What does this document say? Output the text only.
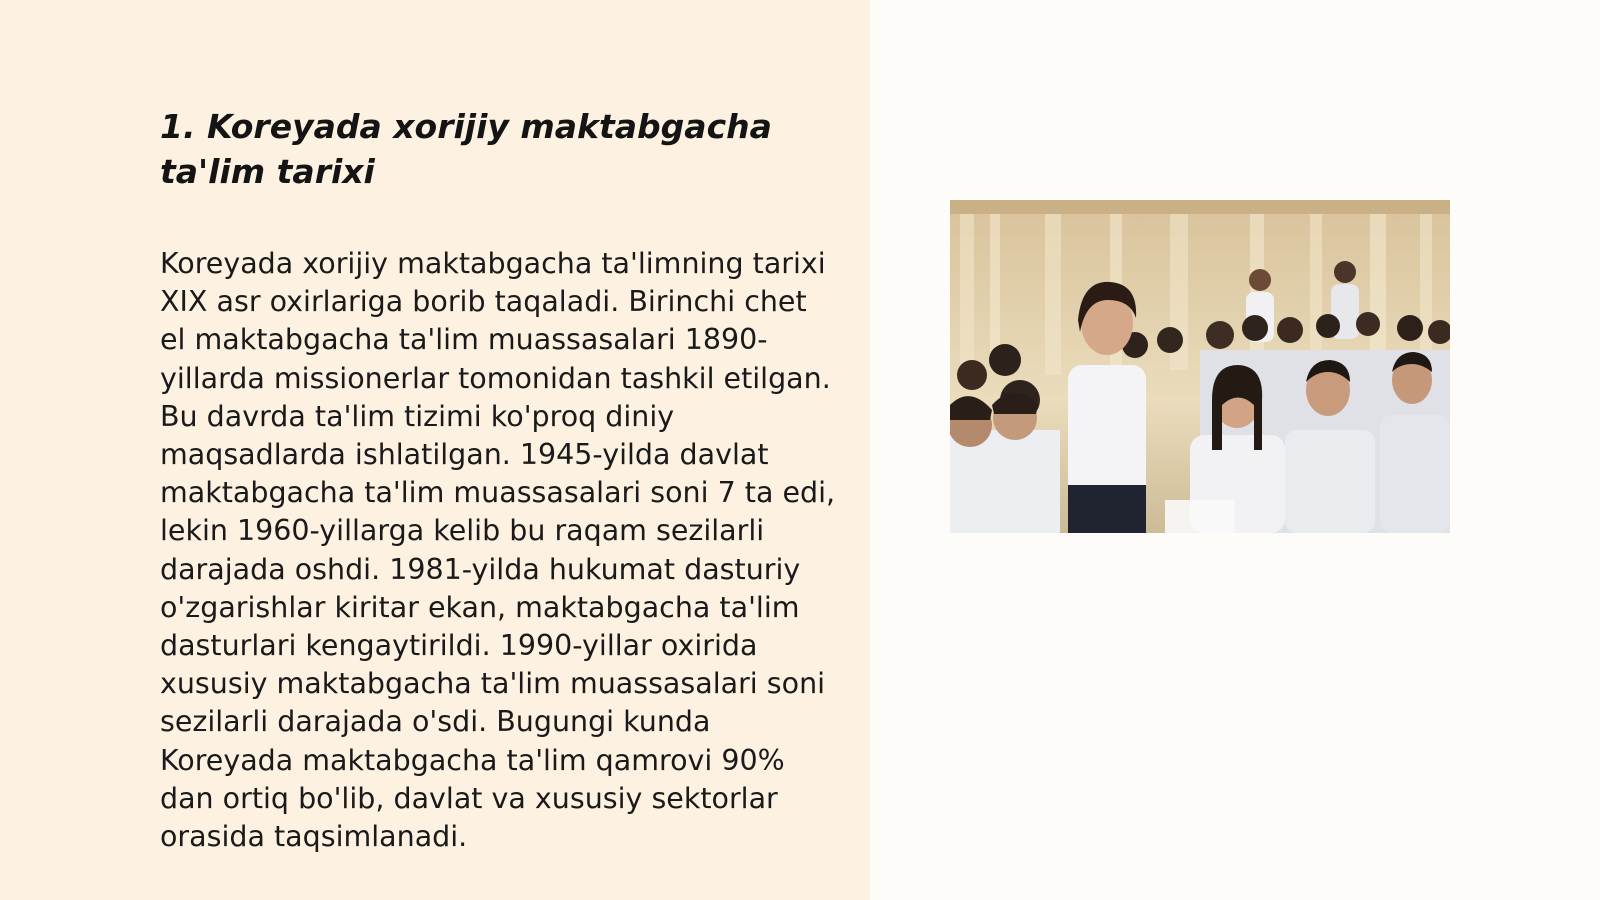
1. Koreyada xorijiy maktabgacha ta'lim tarixi

Koreyada xorijiy maktabgacha ta'limning tarixi XIX asr oxirlariga borib taqaladi. Birinchi chet el maktabgacha ta'lim muassasalari 1890-yillarda missionerlar tomonidan tashkil etilgan. Bu davrda ta'lim tizimi ko'proq diniy maqsadlarda ishlatilgan. 1945-yilda davlat maktabgacha ta'lim muassasalari soni 7 ta edi, lekin 1960-yillarga kelib bu raqam sezilarli darajada oshdi. 1981-yilda hukumat dasturiy o'zgarishlar kiritar ekan, maktabgacha ta'lim dasturlari kengaytirildi. 1990-yillar oxirida xususiy maktabgacha ta'lim muassasalari soni sezilarli darajada o'sdi. Bugungi kunda Koreyada maktabgacha ta'lim qamrovi 90% dan ortiq bo'lib, davlat va xususiy sektorlar orasida taqsimlanadi.
